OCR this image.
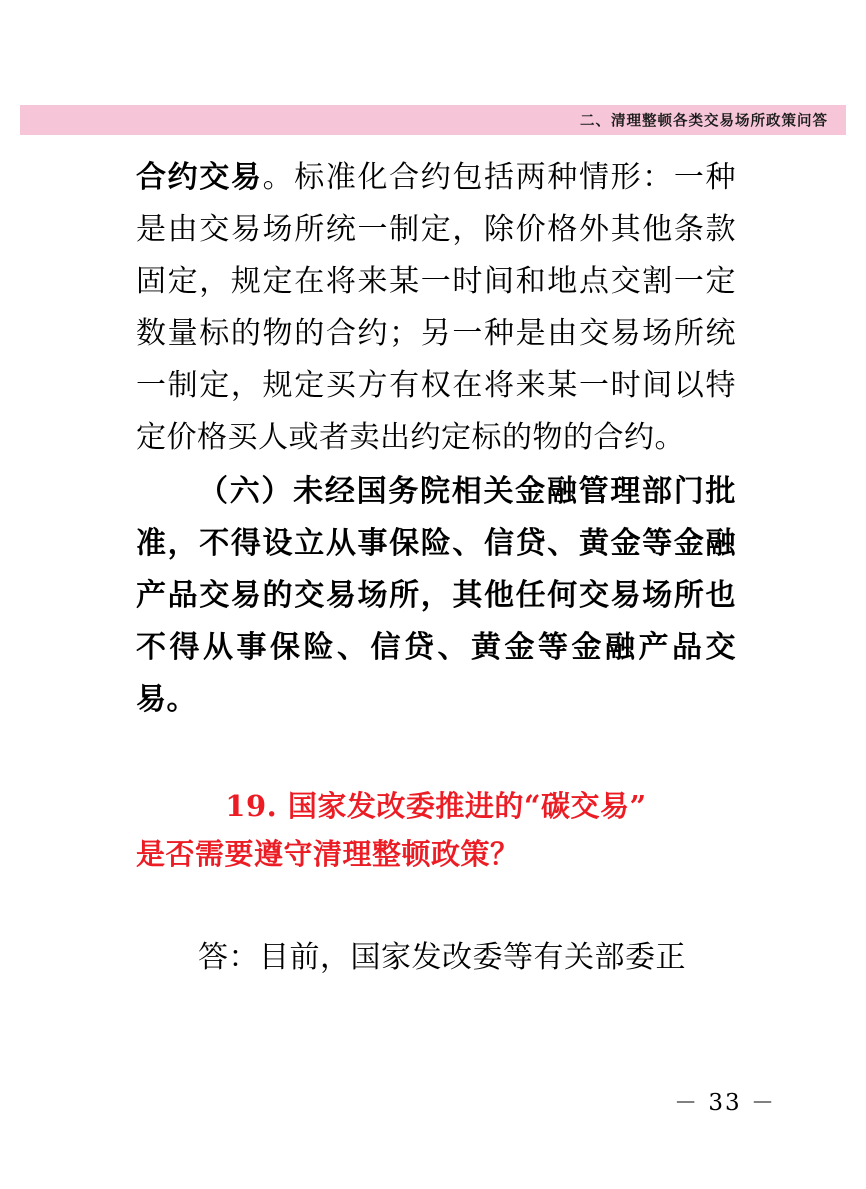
二、清理整顿各类交易场所政策问答

合约交易。标准化合约包括两种情形：一种是由交易场所统一制定，除价格外其他条款固定，规定在将来某一时间和地点交割一定数量标的物的合约；另一种是由交易场所统一制定，规定买方有权在将来某一时间以特定价格买人或者卖出约定标的物的合约。

（六）未经国务院相关金融管理部门批准，不得设立从事保险、信贷、黄金等金融产品交易的交易场所，其他任何交易场所也不得从事保险、信贷、黄金等金融产品交易。

19. 国家发改委推进的“碳交易”
是否需要遵守清理整顿政策？

答：目前，国家发改委等有关部委正

－ 33 －
